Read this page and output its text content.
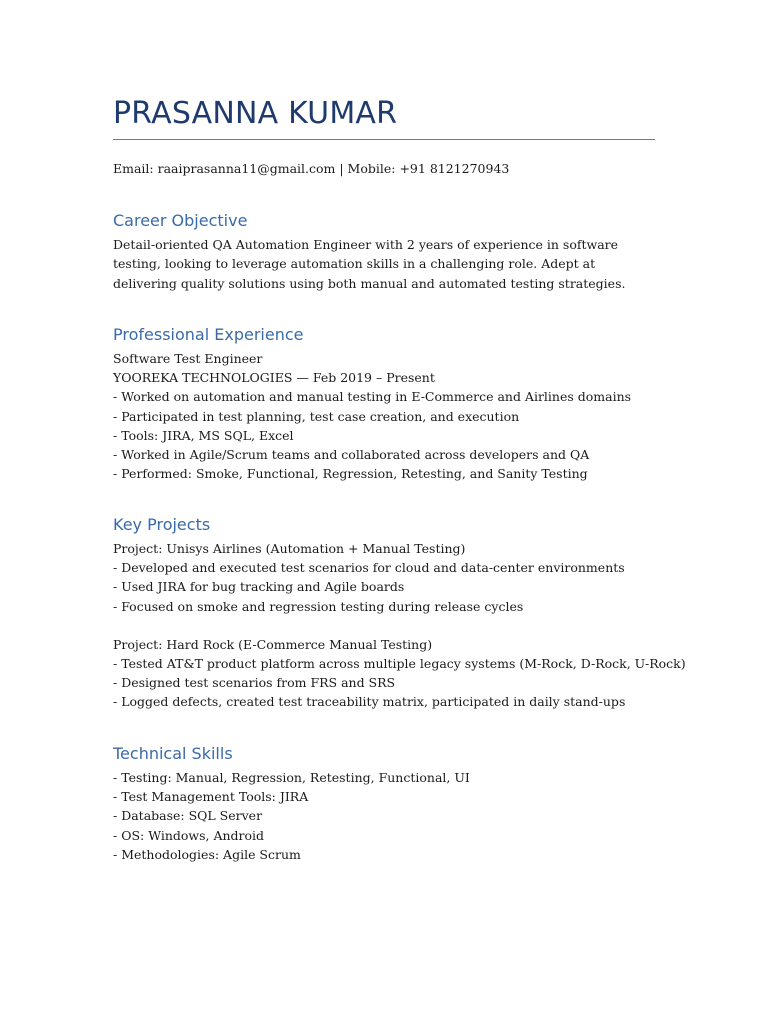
PRASANNA KUMAR
Email: raaiprasanna11@gmail.com | Mobile: +91 8121270943
Career Objective

Detail-oriented QA Automation Engineer with 2 years of experience in software testing, looking to leverage automation skills in a challenging role. Adept at delivering quality solutions using both manual and automated testing strategies.

Professional Experience
Software Test Engineer
YOOREKA TECHNOLOGIES — Feb 2019 – Present
- Worked on automation and manual testing in E-Commerce and Airlines domains
- Participated in test planning, test case creation, and execution
- Tools: JIRA, MS SQL, Excel
- Worked in Agile/Scrum teams and collaborated across developers and QA
- Performed: Smoke, Functional, Regression, Retesting, and Sanity Testing
Key Projects
Project: Unisys Airlines (Automation + Manual Testing)
- Developed and executed test scenarios for cloud and data-center environments
- Used JIRA for bug tracking and Agile boards
- Focused on smoke and regression testing during release cycles
Project: Hard Rock (E-Commerce Manual Testing)
- Tested AT&T product platform across multiple legacy systems (M-Rock, D-Rock, U-Rock)
- Designed test scenarios from FRS and SRS
- Logged defects, created test traceability matrix, participated in daily stand-ups
Technical Skills
- Testing: Manual, Regression, Retesting, Functional, UI
- Test Management Tools: JIRA
- Database: SQL Server
- OS: Windows, Android
- Methodologies: Agile Scrum
